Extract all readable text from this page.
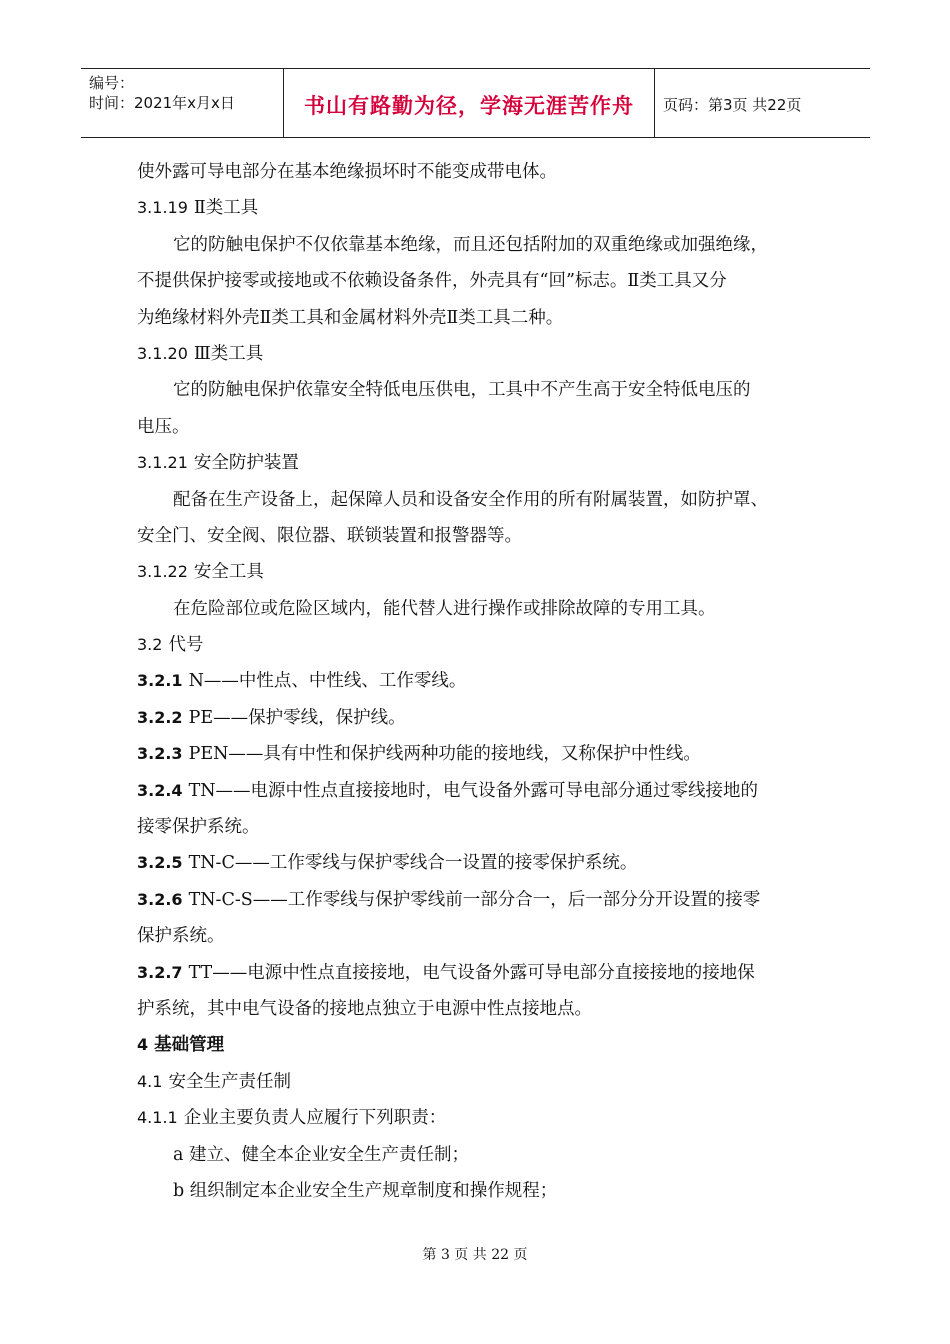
编号：
时间：2021年x月x日	书山有路勤为径，学海无涯苦作舟	页码：第3页 共22页
使外露可导电部分在基本绝缘损坏时不能变成带电体。
3.1.19 Ⅱ类工具
它的防触电保护不仅依靠基本绝缘，而且还包括附加的双重绝缘或加强绝缘，
不提供保护接零或接地或不依赖设备条件，外壳具有“回”标志。Ⅱ类工具又分
为绝缘材料外壳Ⅱ类工具和金属材料外壳Ⅱ类工具二种。
3.1.20 Ⅲ类工具
它的防触电保护依靠安全特低电压供电，工具中不产生高于安全特低电压的
电压。
3.1.21 安全防护装置
配备在生产设备上，起保障人员和设备安全作用的所有附属装置，如防护罩、
安全门、安全阀、限位器、联锁装置和报警器等。
3.1.22 安全工具
在危险部位或危险区域内，能代替人进行操作或排除故障的专用工具。
3.2 代号
3.2.1 N——中性点、中性线、工作零线。
3.2.2 PE——保护零线，保护线。
3.2.3 PEN——具有中性和保护线两种功能的接地线，又称保护中性线。
3.2.4 TN——电源中性点直接接地时，电气设备外露可导电部分通过零线接地的
接零保护系统。
3.2.5 TN-C——工作零线与保护零线合一设置的接零保护系统。
3.2.6 TN-C-S——工作零线与保护零线前一部分合一，后一部分分开设置的接零
保护系统。
3.2.7 TT——电源中性点直接接地，电气设备外露可导电部分直接接地的接地保
护系统，其中电气设备的接地点独立于电源中性点接地点。
4 基础管理
4.1 安全生产责任制
4.1.1 企业主要负责人应履行下列职责：
a 建立、健全本企业安全生产责任制；
b 组织制定本企业安全生产规章制度和操作规程；
第 3 页 共 22 页
